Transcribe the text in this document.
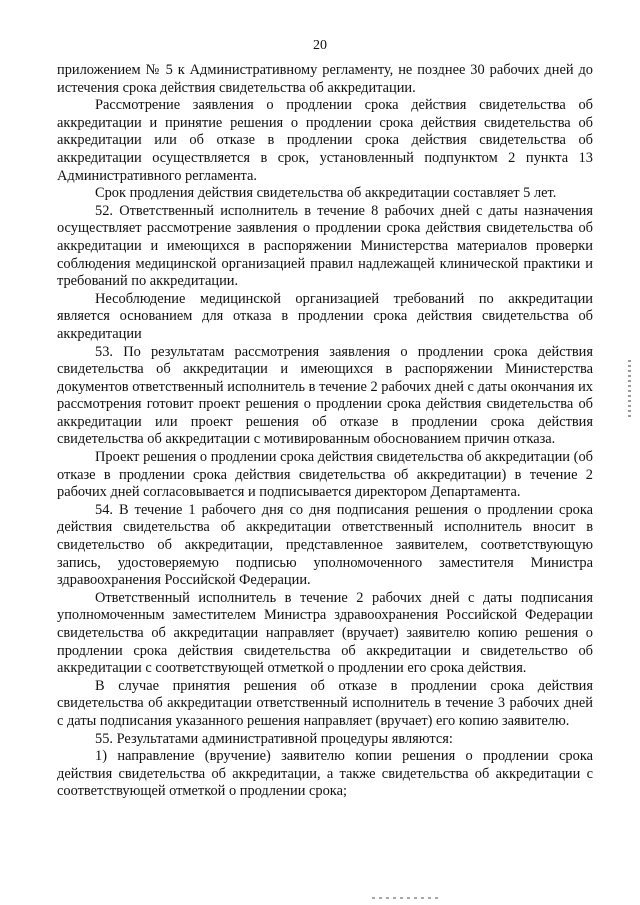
20

приложением № 5 к Административному регламенту, не позднее 30 рабочих дней до истечения срока действия свидетельства об аккредитации.

Рассмотрение заявления о продлении срока действия свидетельства об аккредитации и принятие решения о продлении срока действия свидетельства об аккредитации или об отказе в продлении срока действия свидетельства об аккредитации осуществляется в срок, установленный подпунктом 2 пункта 13 Административного регламента.

Срок продления действия свидетельства об аккредитации составляет 5 лет.

52. Ответственный исполнитель в течение 8 рабочих дней с даты назначения осуществляет рассмотрение заявления о продлении срока действия свидетельства об аккредитации и имеющихся в распоряжении Министерства материалов проверки соблюдения медицинской организацией правил надлежащей клинической практики и требований по аккредитации.

Несоблюдение медицинской организацией требований по аккредитации является основанием для отказа в продлении срока действия свидетельства об аккредитации

53. По результатам рассмотрения заявления о продлении срока действия свидетельства об аккредитации и имеющихся в распоряжении Министерства документов ответственный исполнитель в течение 2 рабочих дней с даты окончания их рассмотрения готовит проект решения о продлении срока действия свидетельства об аккредитации или проект решения об отказе в продлении срока действия свидетельства об аккредитации с мотивированным обоснованием причин отказа.

Проект решения о продлении срока действия свидетельства об аккредитации (об отказе в продлении срока действия свидетельства об аккредитации) в течение 2 рабочих дней согласовывается и подписывается директором Департамента.

54. В течение 1 рабочего дня со дня подписания решения о продлении срока действия свидетельства об аккредитации ответственный исполнитель вносит в свидетельство об аккредитации, представленное заявителем, соответствующую запись, удостоверяемую подписью уполномоченного заместителя Министра здравоохранения Российской Федерации.

Ответственный исполнитель в течение 2 рабочих дней с даты подписания уполномоченным заместителем Министра здравоохранения Российской Федерации свидетельства об аккредитации направляет (вручает) заявителю копию решения о продлении срока действия свидетельства об аккредитации и свидетельство об аккредитации с соответствующей отметкой о продлении его срока действия.

В случае принятия решения об отказе в продлении срока действия свидетельства об аккредитации ответственный исполнитель в течение 3 рабочих дней с даты подписания указанного решения направляет (вручает) его копию заявителю.

55. Результатами административной процедуры являются:

1) направление (вручение) заявителю копии решения о продлении срока действия свидетельства об аккредитации, а также свидетельства об аккредитации с соответствующей отметкой о продлении срока;
